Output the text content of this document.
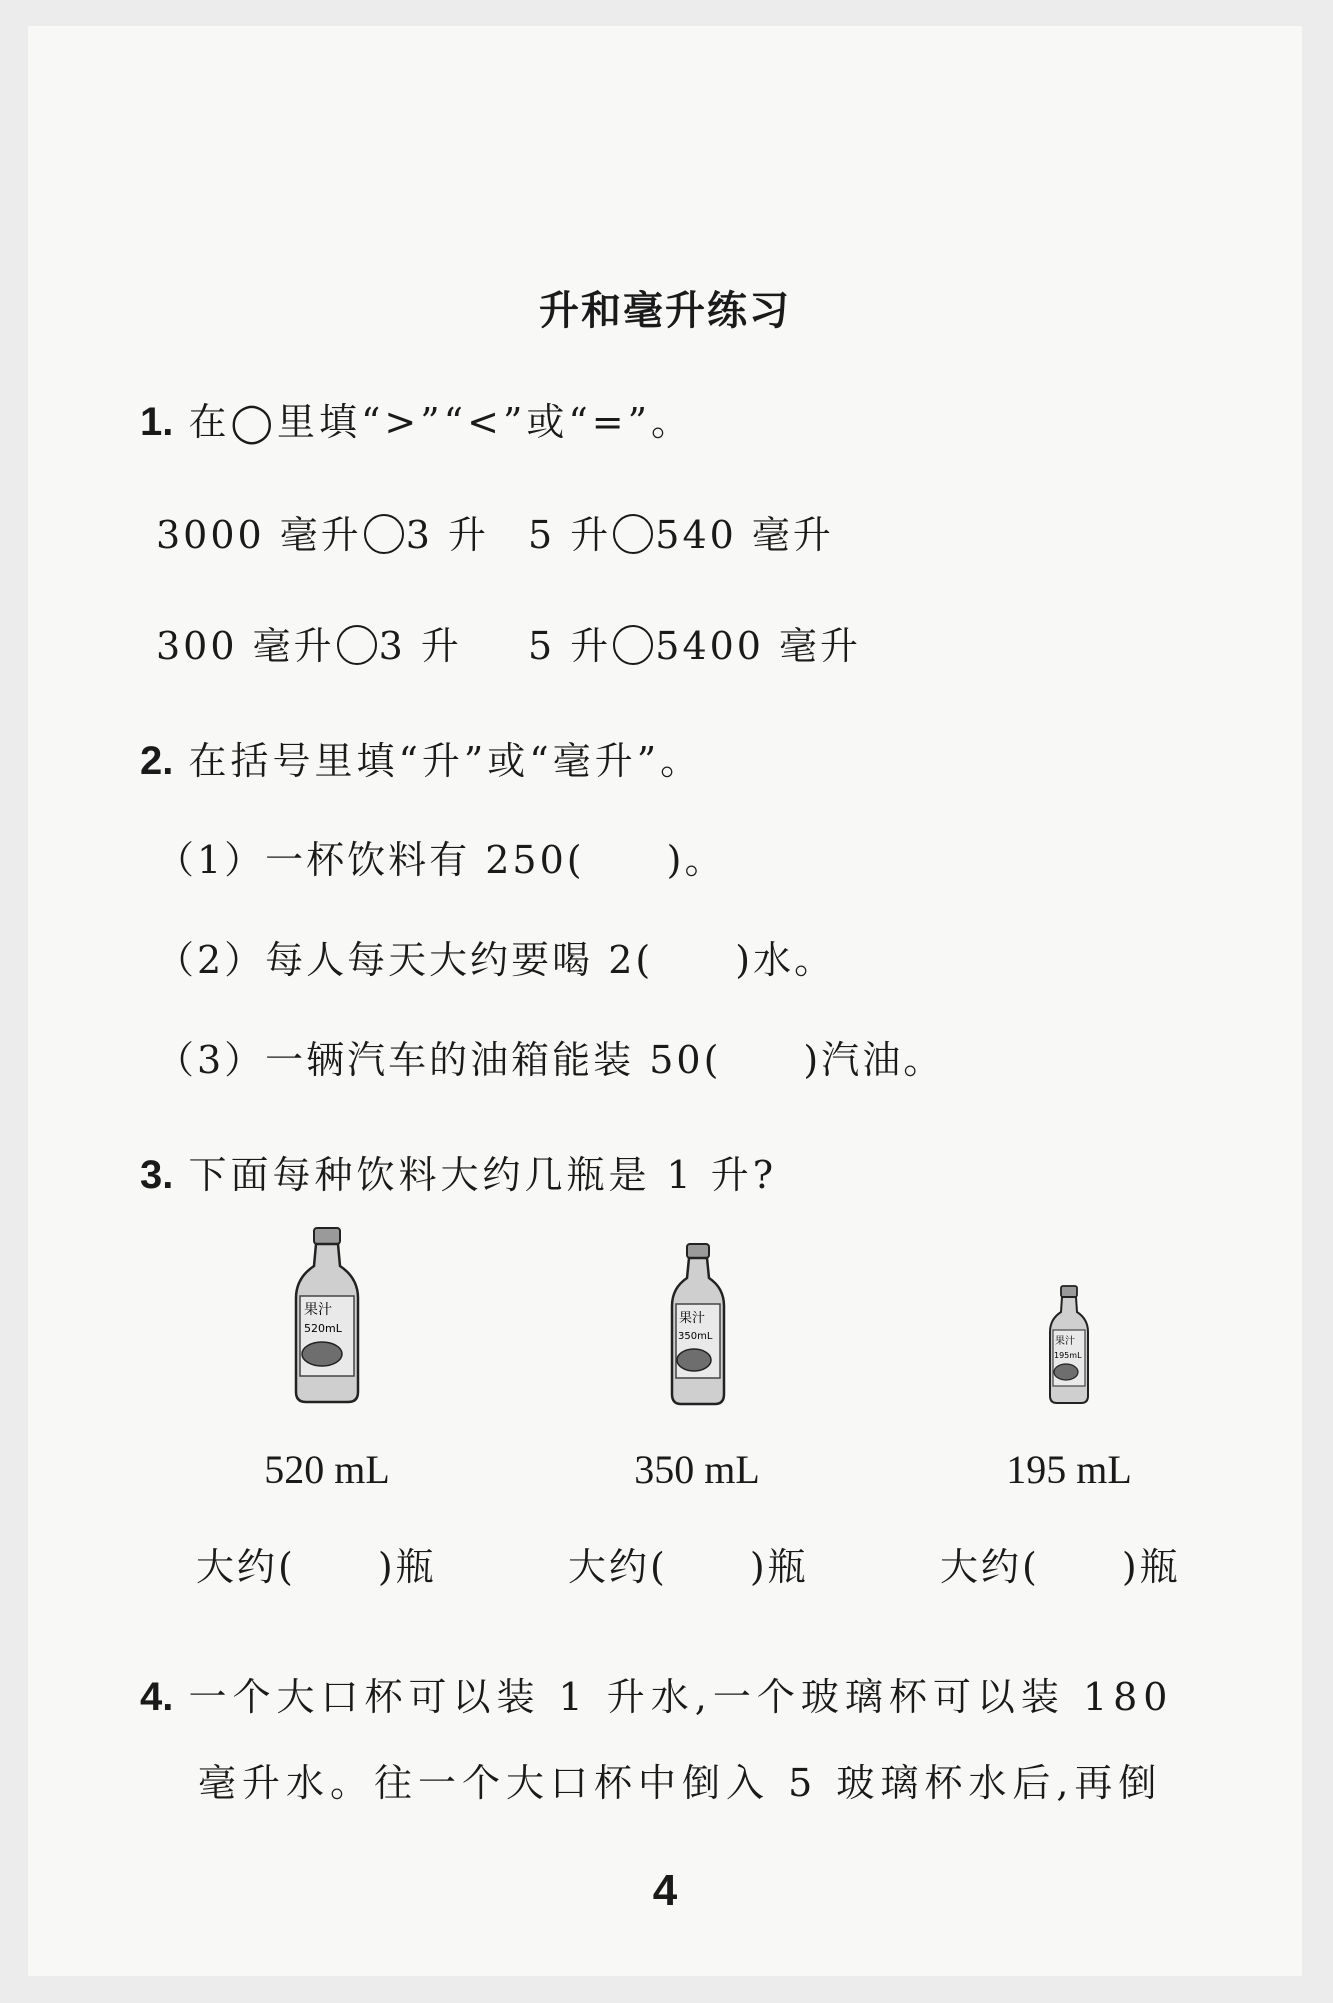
升和毫升练习
1. 在◯里填“>”“<”或“=”。
3000 毫升 3 升 5 升 540 毫升
300 毫升 3 升 5 升 5400 毫升
2. 在括号里填“升”或“毫升”。
（1）一杯饮料有 250(　　)。
（2）每人每天大约要喝 2(　　)水。
（3）一辆汽车的油箱能装 50(　　)汽油。
3. 下面每种饮料大约几瓶是 1 升?
果汁
520mL
520 mL
果汁
350mL
350 mL
果汁
195mL
195 mL
大约(　　)瓶	大约(　　)瓶	大约(　　)瓶
4. 一个大口杯可以装 1 升水,一个玻璃杯可以装 180
毫升水。往一个大口杯中倒入 5 玻璃杯水后,再倒
4
